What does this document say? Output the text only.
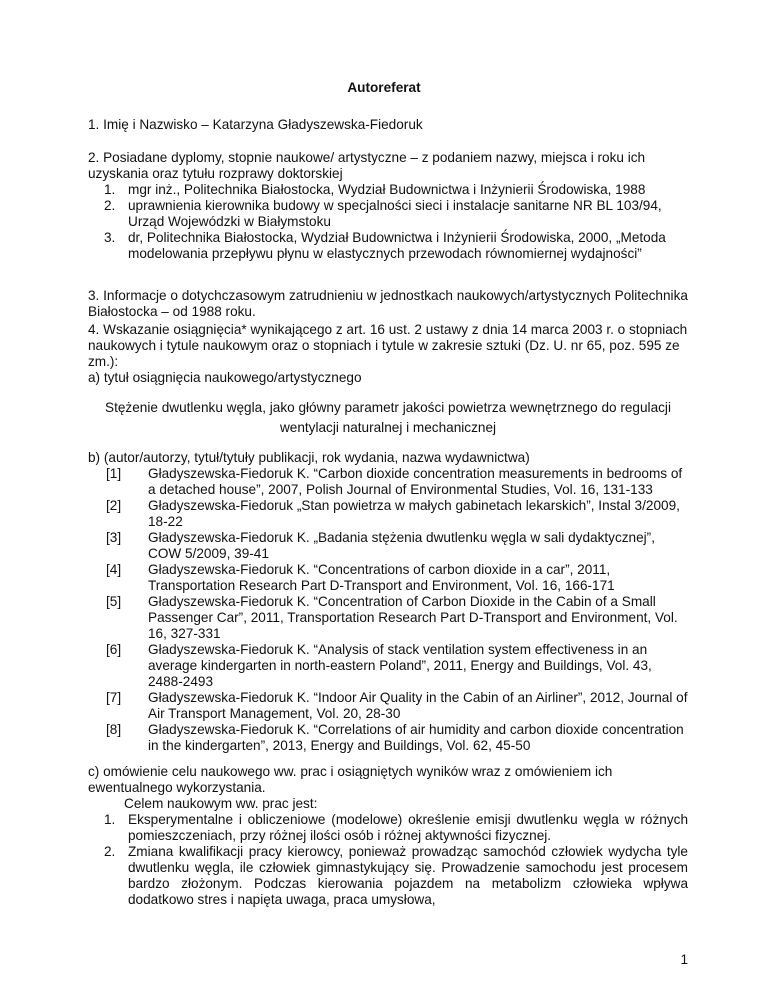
Autoreferat

1. Imię i Nazwisko – Katarzyna Gładyszewska-Fiedoruk

2. Posiadane dyplomy, stopnie naukowe/ artystyczne – z podaniem nazwy, miejsca i roku ich uzyskania oraz tytułu rozprawy doktorskiej

1. mgr inż., Politechnika Białostocka, Wydział Budownictwa i Inżynierii Środowiska, 1988
2. uprawnienia kierownika budowy w specjalności sieci i instalacje sanitarne NR BL 103/94, Urząd Wojewódzki w Białymstoku
3. dr, Politechnika Białostocka, Wydział Budownictwa i Inżynierii Środowiska, 2000, „Metoda modelowania przepływu płynu w elastycznych przewodach równomiernej wydajności”

3. Informacje o dotychczasowym zatrudnieniu w jednostkach naukowych/artystycznych Politechnika Białostocka – od 1988 roku.

4. Wskazanie osiągnięcia* wynikającego z art. 16 ust. 2 ustawy z dnia 14 marca 2003 r. o stopniach naukowych i tytule naukowym oraz o stopniach i tytule w zakresie sztuki (Dz. U. nr 65, poz. 595 ze zm.):

a) tytuł osiągnięcia naukowego/artystycznego

Stężenie dwutlenku węgla, jako główny parametr jakości powietrza wewnętrznego do regulacji wentylacji naturalnej i mechanicznej

b) (autor/autorzy, tytuł/tytuły publikacji, rok wydania, nazwa wydawnictwa)

[1] Gładyszewska-Fiedoruk K. “Carbon dioxide concentration measurements in bedrooms of a detached house”, 2007, Polish Journal of Environmental Studies, Vol. 16, 131-133
[2] Gładyszewska-Fiedoruk „Stan powietrza w małych gabinetach lekarskich”, Instal 3/2009, 18-22
[3] Gładyszewska-Fiedoruk K. „Badania stężenia dwutlenku węgla w sali dydaktycznej”, COW 5/2009, 39-41
[4] Gładyszewska-Fiedoruk K. “Concentrations of carbon dioxide in a car”, 2011, Transportation Research Part D-Transport and Environment, Vol. 16, 166-171
[5] Gładyszewska-Fiedoruk K. “Concentration of Carbon Dioxide in the Cabin of a Small Passenger Car”, 2011, Transportation Research Part D-Transport and Environment, Vol. 16, 327-331
[6] Gładyszewska-Fiedoruk K. “Analysis of stack ventilation system effectiveness in an average kindergarten in north-eastern Poland”, 2011, Energy and Buildings, Vol. 43, 2488-2493
[7] Gładyszewska-Fiedoruk K. “Indoor Air Quality in the Cabin of an Airliner”, 2012, Journal of Air Transport Management, Vol. 20, 28-30
[8] Gładyszewska-Fiedoruk K. “Correlations of air humidity and carbon dioxide concentration in the kindergarten”, 2013, Energy and Buildings, Vol. 62, 45-50

c) omówienie celu naukowego ww. prac i osiągniętych wyników wraz z omówieniem ich ewentualnego wykorzystania.

Celem naukowym ww. prac jest:

1. Eksperymentalne i obliczeniowe (modelowe) określenie emisji dwutlenku węgla w różnych pomieszczeniach, przy różnej ilości osób i różnej aktywności fizycznej.
2. Zmiana kwalifikacji pracy kierowcy, ponieważ prowadząc samochód człowiek wydycha tyle dwutlenku węgla, ile człowiek gimnastykujący się. Prowadzenie samochodu jest procesem bardzo złożonym. Podczas kierowania pojazdem na metabolizm człowieka wpływa dodatkowo stres i napięta uwaga, praca umysłowa,
1
